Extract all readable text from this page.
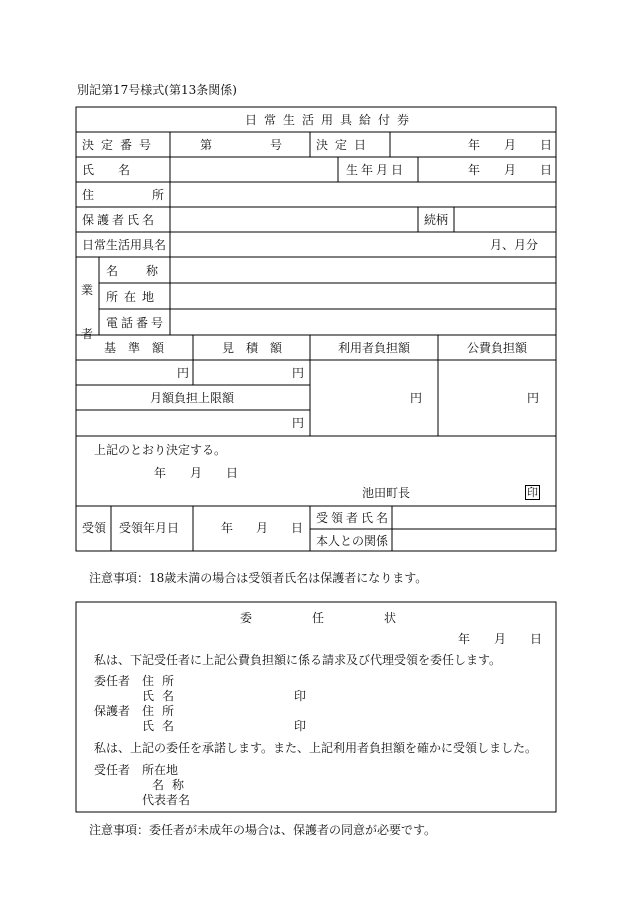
別記第17号様式(第13条関係)
日常生活用具給付券
決定番号	第	号	決定日	年 月 日
氏名	生年月日	年 月 日
住所
保護者氏名	続柄
日常生活用具名	月、月分
業者
名称
所在地
電話番号
基準額	見積額	利用者負担額	公費負担額
円	円
月額負担上限額
円
円	円
上記のとおり決定する。
年　　月　　日
池田町長	印
受領 受領年月日	年 月 日
受領者氏名
本人との関係
注意事項：18歳未満の場合は受領者氏名は保護者になります。
委任状
年　　月　　日
私は、下記受任者に上記公費負担額に係る請求及び代理受領を委任します。
委任者 住所
氏名	印
保護者 住所
氏名	印
私は、上記の委任を承諾します。また、上記利用者負担額を確かに受領しました。
受任者 所在地
名称
代表者名
注意事項：委任者が未成年の場合は、保護者の同意が必要です。
